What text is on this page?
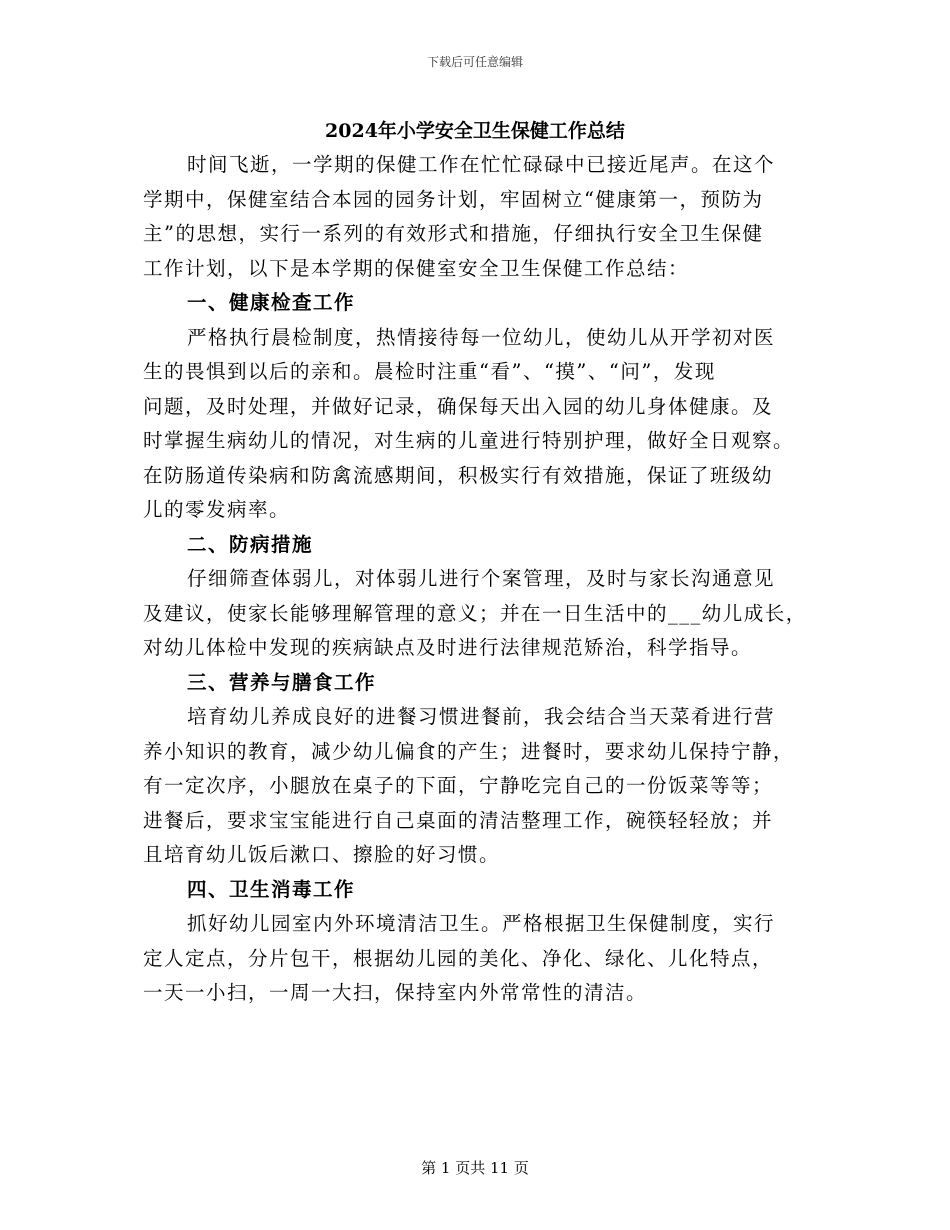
下载后可任意编辑
2024年小学安全卫生保健工作总结
时间飞逝，一学期的保健工作在忙忙碌碌中已接近尾声。在这个
学期中，保健室结合本园的园务计划，牢固树立“健康第一，预防为
主”的思想，实行一系列的有效形式和措施，仔细执行安全卫生保健
工作计划，以下是本学期的保健室安全卫生保健工作总结：
一、健康检查工作
严格执行晨检制度，热情接待每一位幼儿，使幼儿从开学初对医
生的畏惧到以后的亲和。晨检时注重“看”、“摸”、“问”，发现
问题，及时处理，并做好记录，确保每天出入园的幼儿身体健康。及
时掌握生病幼儿的情况，对生病的儿童进行特别护理，做好全日观察。
在防肠道传染病和防禽流感期间，积极实行有效措施，保证了班级幼
儿的零发病率。
二、防病措施
仔细筛查体弱儿，对体弱儿进行个案管理，及时与家长沟通意见
及建议，使家长能够理解管理的意义；并在一日生活中的___幼儿成长，
对幼儿体检中发现的疾病缺点及时进行法律规范矫治，科学指导。
三、营养与膳食工作
培育幼儿养成良好的进餐习惯进餐前，我会结合当天菜肴进行营
养小知识的教育，减少幼儿偏食的产生；进餐时，要求幼儿保持宁静，
有一定次序，小腿放在桌子的下面，宁静吃完自己的一份饭菜等等；
进餐后，要求宝宝能进行自己桌面的清洁整理工作，碗筷轻轻放；并
且培育幼儿饭后漱口、擦脸的好习惯。
四、卫生消毒工作
抓好幼儿园室内外环境清洁卫生。严格根据卫生保健制度，实行
定人定点，分片包干，根据幼儿园的美化、净化、绿化、儿化特点，
一天一小扫，一周一大扫，保持室内外常常性的清洁。
第 1 页共 11 页
